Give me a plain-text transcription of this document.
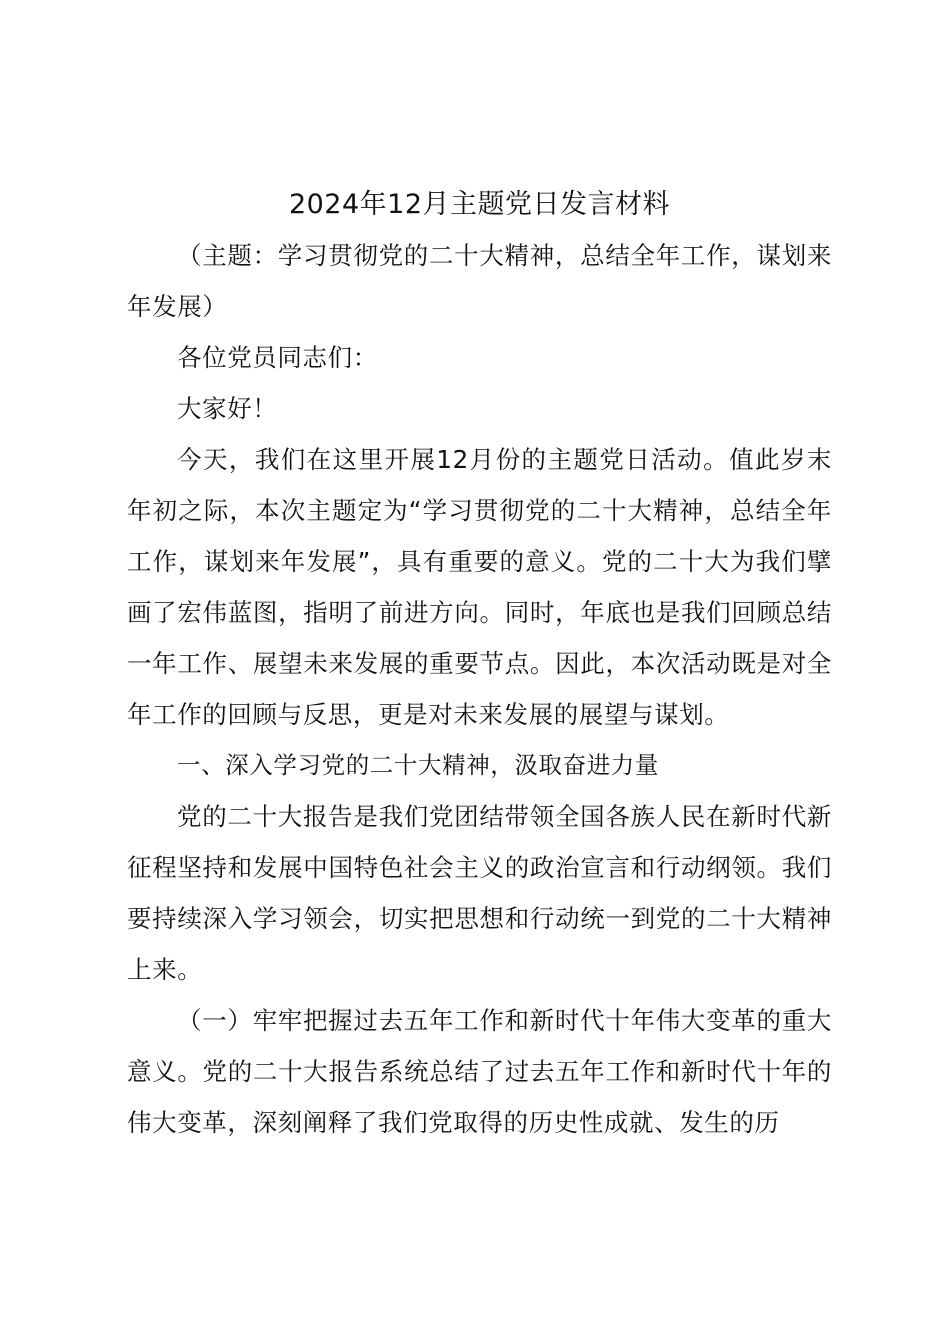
2024年12月主题党日发言材料

（主题：学习贯彻党的二十大精神，总结全年工作，谋划来年发展）

各位党员同志们：

大家好！

今天，我们在这里开展12月份的主题党日活动。值此岁末年初之际，本次主题定为“学习贯彻党的二十大精神，总结全年工作，谋划来年发展”，具有重要的意义。党的二十大为我们擘画了宏伟蓝图，指明了前进方向。同时，年底也是我们回顾总结一年工作、展望未来发展的重要节点。因此，本次活动既是对全年工作的回顾与反思，更是对未来发展的展望与谋划。

一、深入学习党的二十大精神，汲取奋进力量

党的二十大报告是我们党团结带领全国各族人民在新时代新征程坚持和发展中国特色社会主义的政治宣言和行动纲领。我们要持续深入学习领会，切实把思想和行动统一到党的二十大精神上来。

（一）牢牢把握过去五年工作和新时代十年伟大变革的重大意义。党的二十大报告系统总结了过去五年工作和新时代十年的伟大变革，深刻阐释了我们党取得的历史性成就、发生的历
